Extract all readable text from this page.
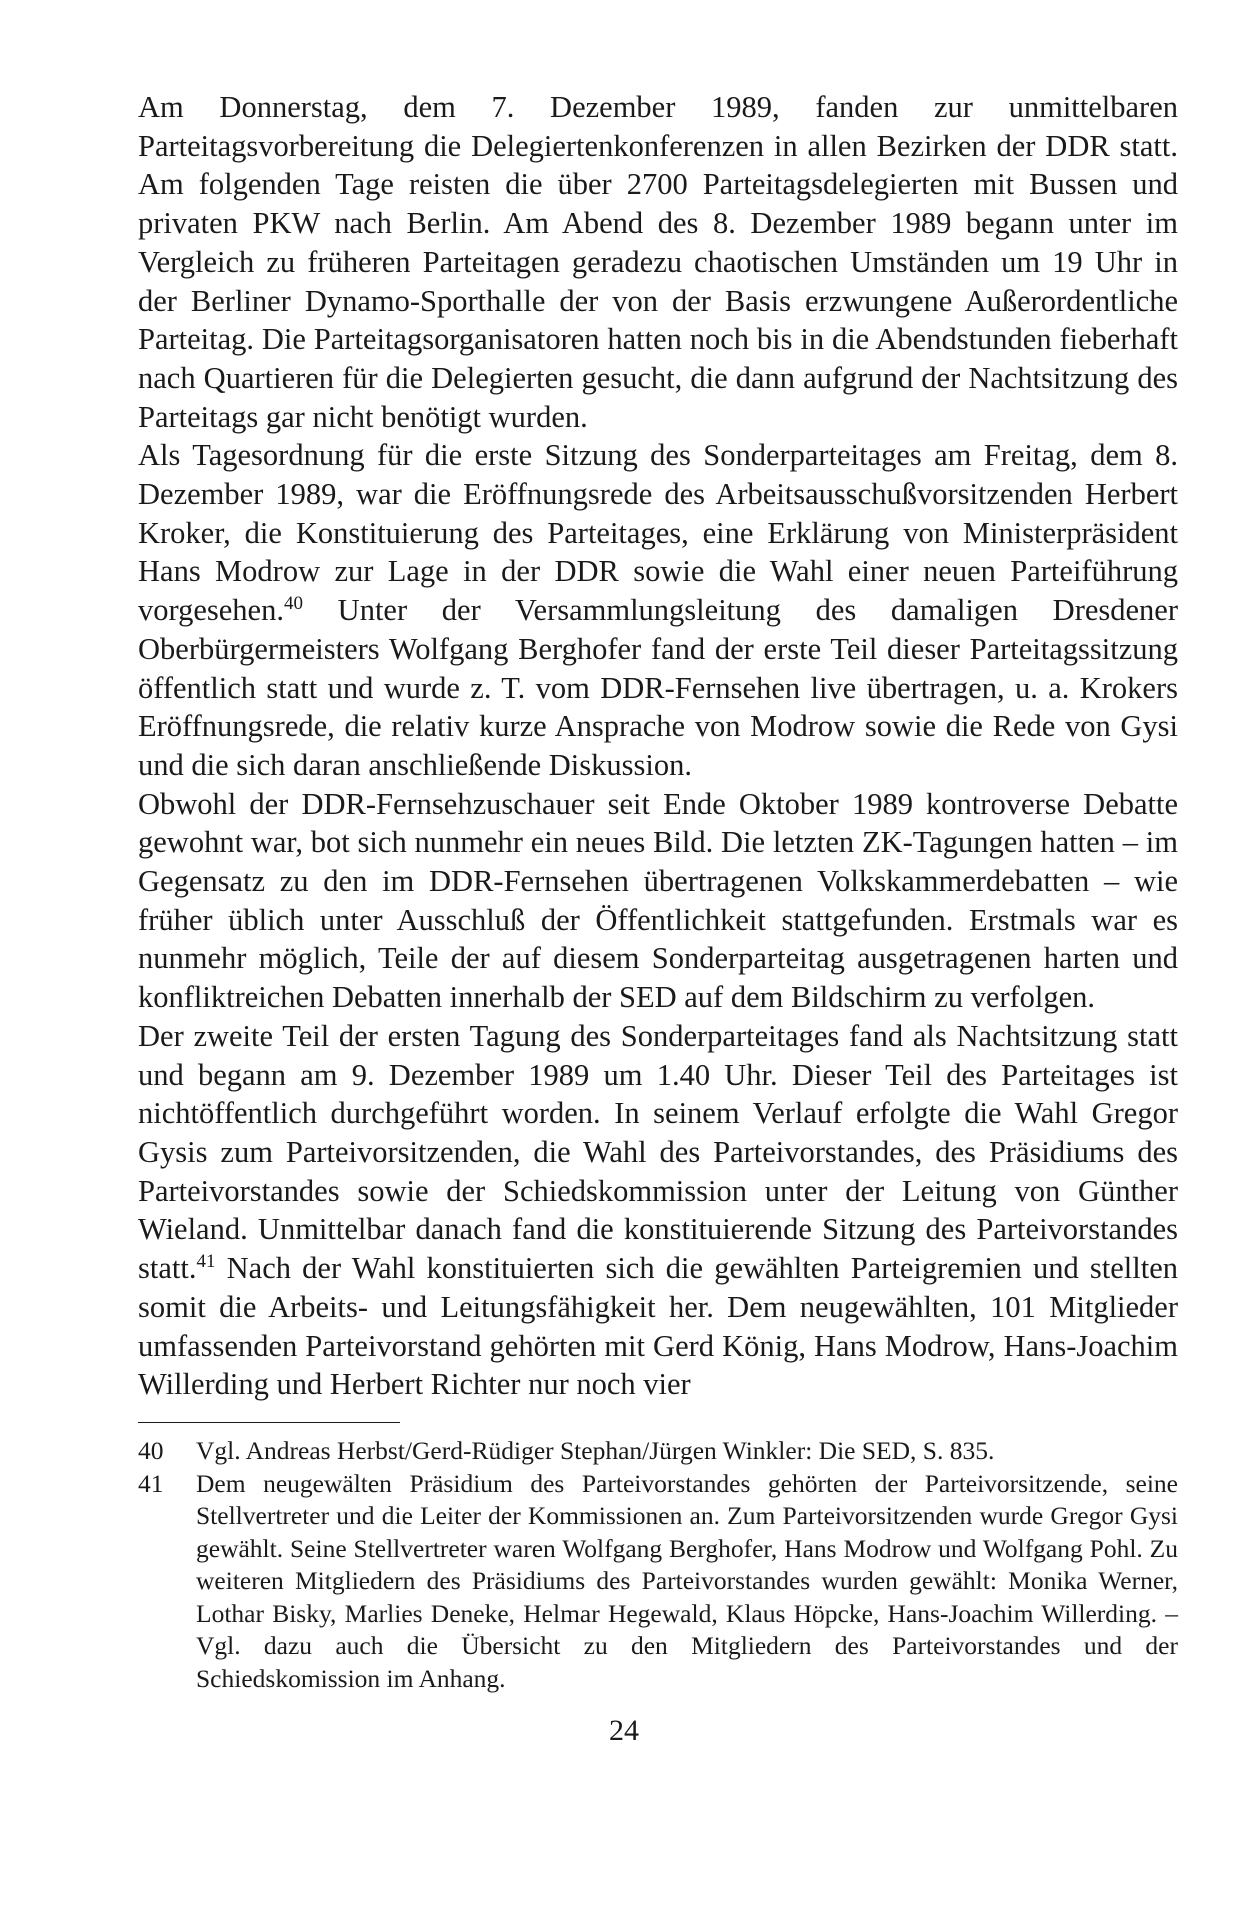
Am Donnerstag, dem 7. Dezember 1989, fanden zur unmittelbaren Parteitagsvorbereitung die Delegiertenkonferenzen in allen Bezirken der DDR statt. Am folgenden Tage reisten die über 2700 Parteitagsdelegierten mit Bussen und privaten PKW nach Berlin. Am Abend des 8. Dezember 1989 begann unter im Vergleich zu früheren Parteitagen geradezu chaotischen Umständen um 19 Uhr in der Berliner Dynamo-Sporthalle der von der Basis erzwungene Außerordentliche Parteitag. Die Parteitagsorganisatoren hatten noch bis in die Abendstunden fieberhaft nach Quartieren für die Delegierten gesucht, die dann aufgrund der Nachtsitzung des Parteitags gar nicht benötigt wurden.

Als Tagesordnung für die erste Sitzung des Sonderparteitages am Freitag, dem 8. Dezember 1989, war die Eröffnungsrede des Arbeitsausschußvorsitzenden Herbert Kroker, die Konstituierung des Parteitages, eine Erklärung von Ministerpräsident Hans Modrow zur Lage in der DDR sowie die Wahl einer neuen Parteiführung vorgesehen.$^{40}$ Unter der Versammlungsleitung des damaligen Dresdener Oberbürgermeisters Wolfgang Berghofer fand der erste Teil dieser Parteitagssitzung öffentlich statt und wurde z. T. vom DDR-Fernsehen live übertragen, u. a. Krokers Eröffnungsrede, die relativ kurze Ansprache von Modrow sowie die Rede von Gysi und die sich daran anschließende Diskussion.

Obwohl der DDR-Fernsehzuschauer seit Ende Oktober 1989 kontroverse Debatte gewohnt war, bot sich nunmehr ein neues Bild. Die letzten ZK-Tagungen hatten – im Gegensatz zu den im DDR-Fernsehen übertragenen Volkskammerdebatten – wie früher üblich unter Ausschluß der Öffentlichkeit stattgefunden. Erstmals war es nunmehr möglich, Teile der auf diesem Sonderparteitag ausgetragenen harten und konfliktreichen Debatten innerhalb der SED auf dem Bildschirm zu verfolgen.

Der zweite Teil der ersten Tagung des Sonderparteitages fand als Nachtsitzung statt und begann am 9. Dezember 1989 um 1.40 Uhr. Dieser Teil des Parteitages ist nichtöffentlich durchgeführt worden. In seinem Verlauf erfolgte die Wahl Gregor Gysis zum Parteivorsitzenden, die Wahl des Parteivorstandes, des Präsidiums des Parteivorstandes sowie der Schiedskommission unter der Leitung von Günther Wieland. Unmittelbar danach fand die konstituierende Sitzung des Parteivorstandes statt.$^{41}$ Nach der Wahl konstituierten sich die gewählten Parteigremien und stellten somit die Arbeits- und Leitungsfähigkeit her. Dem neugewählten, 101 Mitglieder umfassenden Parteivorstand gehörten mit Gerd König, Hans Modrow, Hans-Joachim Willerding und Herbert Richter nur noch vier

40	Vgl. Andreas Herbst/Gerd-Rüdiger Stephan/Jürgen Winkler: Die SED, S. 835.
41	Dem neugewälten Präsidium des Parteivorstandes gehörten der Parteivorsitzende, seine Stellvertreter und die Leiter der Kommissionen an. Zum Parteivorsitzenden wurde Gregor Gysi gewählt. Seine Stellvertreter waren Wolfgang Berghofer, Hans Modrow und Wolfgang Pohl. Zu weiteren Mitgliedern des Präsidiums des Parteivorstandes wurden gewählt: Monika Werner, Lothar Bisky, Marlies Deneke, Helmar Hegewald, Klaus Höpcke, Hans-Joachim Willerding. – Vgl. dazu auch die Übersicht zu den Mitgliedern des Parteivorstandes und der Schiedskomission im Anhang.
24
